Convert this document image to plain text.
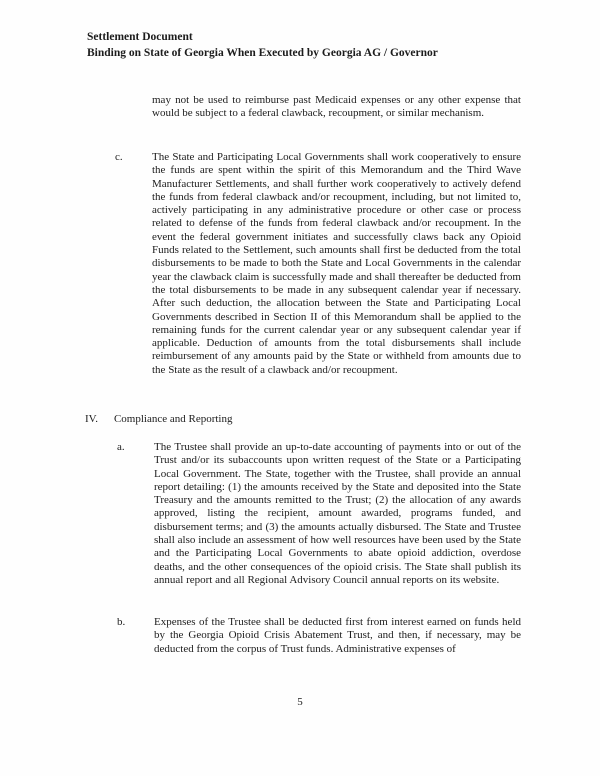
Settlement Document
Binding on State of Georgia When Executed by Georgia AG / Governor
may not be used to reimburse past Medicaid expenses or any other expense that would be subject to a federal clawback, recoupment, or similar mechanism.
c.	The State and Participating Local Governments shall work cooperatively to ensure the funds are spent within the spirit of this Memorandum and the Third Wave Manufacturer Settlements, and shall further work cooperatively to actively defend the funds from federal clawback and/or recoupment, including, but not limited to, actively participating in any administrative procedure or other case or process related to defense of the funds from federal clawback and/or recoupment. In the event the federal government initiates and successfully claws back any Opioid Funds related to the Settlement, such amounts shall first be deducted from the total disbursements to be made to both the State and Local Governments in the calendar year the clawback claim is successfully made and shall thereafter be deducted from the total disbursements to be made in any subsequent calendar year if necessary. After such deduction, the allocation between the State and Participating Local Governments described in Section II of this Memorandum shall be applied to the remaining funds for the current calendar year or any subsequent calendar year if applicable. Deduction of amounts from the total disbursements shall include reimbursement of any amounts paid by the State or withheld from amounts due to the State as the result of a clawback and/or recoupment.
IV. Compliance and Reporting
a.	The Trustee shall provide an up-to-date accounting of payments into or out of the Trust and/or its subaccounts upon written request of the State or a Participating Local Government. The State, together with the Trustee, shall provide an annual report detailing: (1) the amounts received by the State and deposited into the State Treasury and the amounts remitted to the Trust; (2) the allocation of any awards approved, listing the recipient, amount awarded, programs funded, and disbursement terms; and (3) the amounts actually disbursed. The State and Trustee shall also include an assessment of how well resources have been used by the State and the Participating Local Governments to abate opioid addiction, overdose deaths, and the other consequences of the opioid crisis. The State shall publish its annual report and all Regional Advisory Council annual reports on its website.
b.	Expenses of the Trustee shall be deducted first from interest earned on funds held by the Georgia Opioid Crisis Abatement Trust, and then, if necessary, may be deducted from the corpus of Trust funds. Administrative expenses of
5
